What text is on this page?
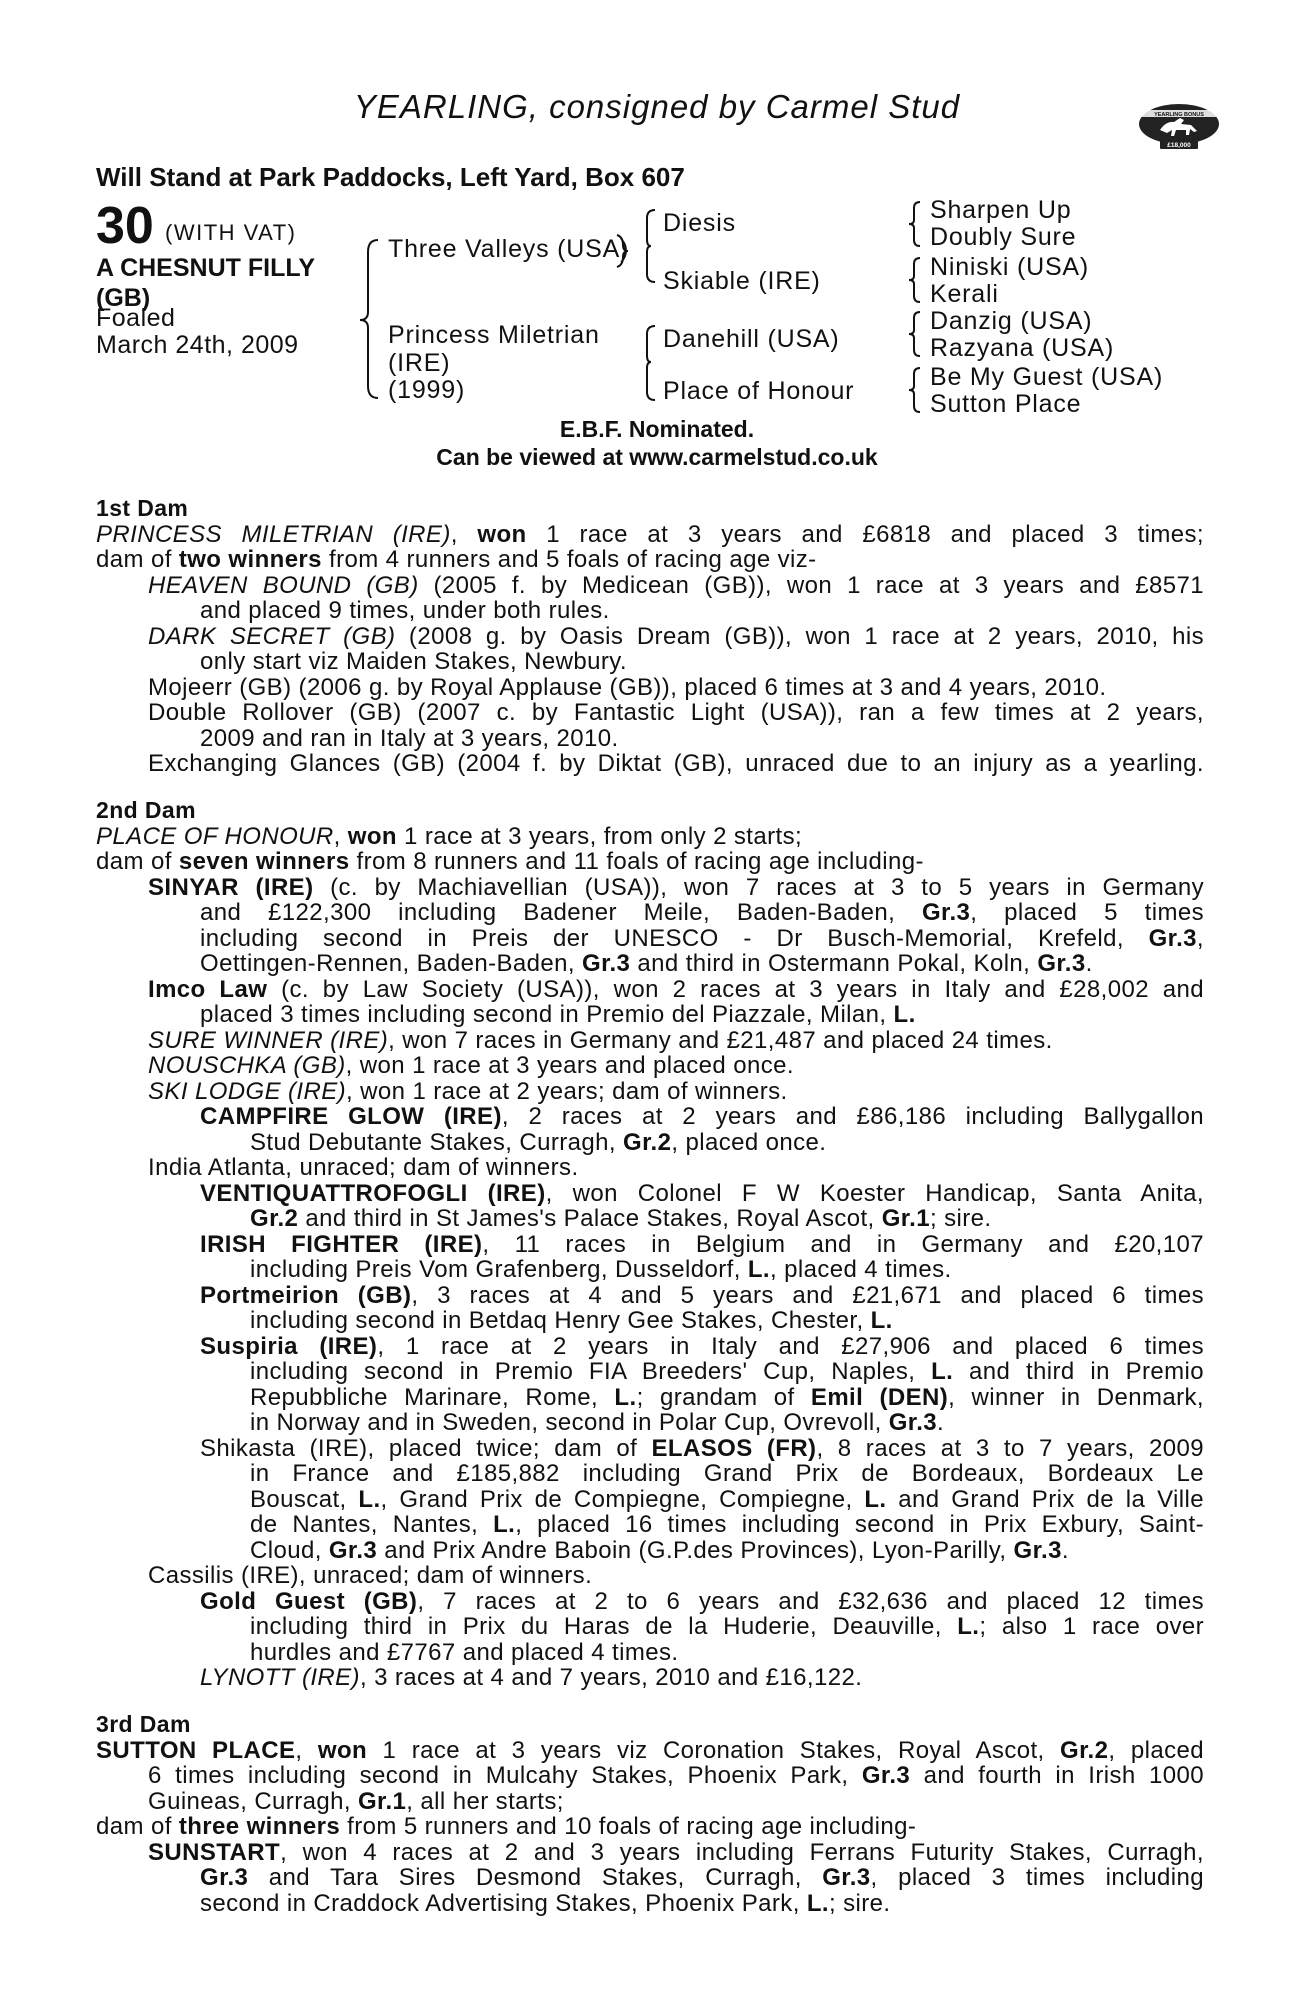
YEARLING, consigned by Carmel Stud	YEARLING BONUS
£18,000
Will Stand at Park Paddocks, Left Yard, Box 607
30 (WITH VAT)
A CHESNUT FILLY (GB)
Foaled
March 24th, 2009
Three Valleys (USA)
Princess Miletrian
(IRE)
(1999)
Diesis
Skiable (IRE)
Danehill (USA)
Place of Honour
Sharpen Up
Doubly Sure
Niniski (USA)
Kerali
Danzig (USA)
Razyana (USA)
Be My Guest (USA)
Sutton Place
E.B.F. Nominated.
Can be viewed at www.carmelstud.co.uk
1st Dam
PRINCESS MILETRIAN (IRE), won 1 race at 3 years and £6818 and placed 3 times;
dam of two winners from 4 runners and 5 foals of racing age viz-
HEAVEN BOUND (GB) (2005 f. by Medicean (GB)), won 1 race at 3 years and £8571
and placed 9 times, under both rules.
DARK SECRET (GB) (2008 g. by Oasis Dream (GB)), won 1 race at 2 years, 2010, his
only start viz Maiden Stakes, Newbury.
Mojeerr (GB) (2006 g. by Royal Applause (GB)), placed 6 times at 3 and 4 years, 2010.
Double Rollover (GB) (2007 c. by Fantastic Light (USA)), ran a few times at 2 years,
2009 and ran in Italy at 3 years, 2010.
Exchanging Glances (GB) (2004 f. by Diktat (GB), unraced due to an injury as a yearling.
2nd Dam
PLACE OF HONOUR, won 1 race at 3 years, from only 2 starts;
dam of seven winners from 8 runners and 11 foals of racing age including-
SINYAR (IRE) (c. by Machiavellian (USA)), won 7 races at 3 to 5 years in Germany
and £122,300 including Badener Meile, Baden-Baden, Gr.3, placed 5 times
including second in Preis der UNESCO - Dr Busch-Memorial, Krefeld, Gr.3,
Oettingen-Rennen, Baden-Baden, Gr.3 and third in Ostermann Pokal, Koln, Gr.3.
Imco Law (c. by Law Society (USA)), won 2 races at 3 years in Italy and £28,002 and
placed 3 times including second in Premio del Piazzale, Milan, L.
SURE WINNER (IRE), won 7 races in Germany and £21,487 and placed 24 times.
NOUSCHKA (GB), won 1 race at 3 years and placed once.
SKI LODGE (IRE), won 1 race at 2 years; dam of winners.
CAMPFIRE GLOW (IRE), 2 races at 2 years and £86,186 including Ballygallon
Stud Debutante Stakes, Curragh, Gr.2, placed once.
India Atlanta, unraced; dam of winners.
VENTIQUATTROFOGLI (IRE), won Colonel F W Koester Handicap, Santa Anita,
Gr.2 and third in St James's Palace Stakes, Royal Ascot, Gr.1; sire.
IRISH FIGHTER (IRE), 11 races in Belgium and in Germany and £20,107
including Preis Vom Grafenberg, Dusseldorf, L., placed 4 times.
Portmeirion (GB), 3 races at 4 and 5 years and £21,671 and placed 6 times
including second in Betdaq Henry Gee Stakes, Chester, L.
Suspiria (IRE), 1 race at 2 years in Italy and £27,906 and placed 6 times
including second in Premio FIA Breeders' Cup, Naples, L. and third in Premio
Repubbliche Marinare, Rome, L.; grandam of Emil (DEN), winner in Denmark,
in Norway and in Sweden, second in Polar Cup, Ovrevoll, Gr.3.
Shikasta (IRE), placed twice; dam of ELASOS (FR), 8 races at 3 to 7 years, 2009
in France and £185,882 including Grand Prix de Bordeaux, Bordeaux Le
Bouscat, L., Grand Prix de Compiegne, Compiegne, L. and Grand Prix de la Ville
de Nantes, Nantes, L., placed 16 times including second in Prix Exbury, Saint-
Cloud, Gr.3 and Prix Andre Baboin (G.P.des Provinces), Lyon-Parilly, Gr.3.
Cassilis (IRE), unraced; dam of winners.
Gold Guest (GB), 7 races at 2 to 6 years and £32,636 and placed 12 times
including third in Prix du Haras de la Huderie, Deauville, L.; also 1 race over
hurdles and £7767 and placed 4 times.
LYNOTT (IRE), 3 races at 4 and 7 years, 2010 and £16,122.
3rd Dam
SUTTON PLACE, won 1 race at 3 years viz Coronation Stakes, Royal Ascot, Gr.2, placed
6 times including second in Mulcahy Stakes, Phoenix Park, Gr.3 and fourth in Irish 1000
Guineas, Curragh, Gr.1, all her starts;
dam of three winners from 5 runners and 10 foals of racing age including-
SUNSTART, won 4 races at 2 and 3 years including Ferrans Futurity Stakes, Curragh,
Gr.3 and Tara Sires Desmond Stakes, Curragh, Gr.3, placed 3 times including
second in Craddock Advertising Stakes, Phoenix Park, L.; sire.
